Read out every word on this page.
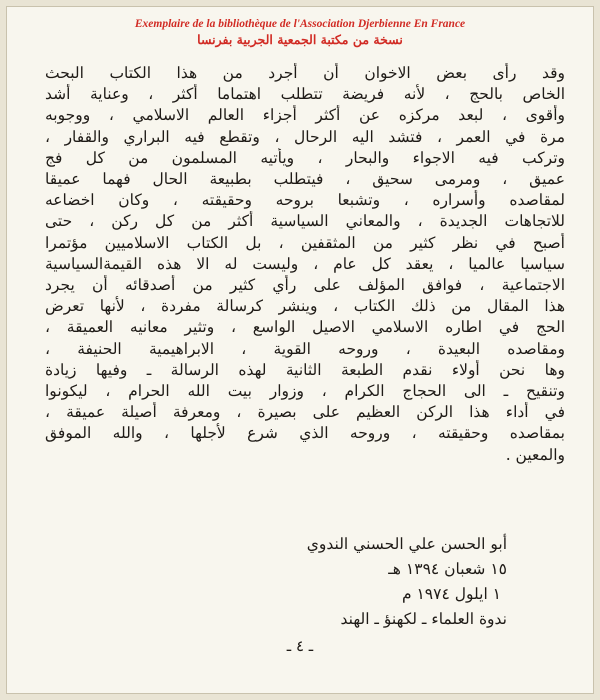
Exemplaire de la bibliothèque de l'Association Djerbienne En France
نسخة من مكتبة الجمعية الجربية بفرنسا
وقد رأى بعض الاخوان أن أجرد من هذا الكتاب البحث
الخاص بالحج ، لأنه فريضة تتطلب اهتماما أكثر ، وعناية أشد
وأقوى ، لبعد مركزه عن أكثر أجزاء العالم الاسلامي ، ووجوبه
مرة في العمر ، فتشد اليه الرحال ، وتقطع فيه البراري والقفار ،
وتركب فيه الاجواء والبحار ، ويأتيه المسلمون من كل فج
عميق ، ومرمى سحيق ، فيتطلب بطبيعة الحال فهما عميقا
لمقاصده وأسراره ، وتشبعا بروحه وحقيقته ، وكان اخضاعه
للاتجاهات الجديدة ، والمعاني السياسية أكثر من كل ركن ، حتى
أصبح في نظر كثير من المثقفين ، بل الكتاب الاسلاميين مؤتمرا
سياسيا عالميا ، يعقد كل عام ، وليست له الا هذه القيمةالسياسية
الاجتماعية ، فوافق المؤلف على رأي كثير من أصدقائه أن يجرد
هذا المقال من ذلك الكتاب ، وينشر كرسالة مفردة ، لأنها تعرض
الحج في اطاره الاسلامي الاصيل الواسع ، وتثير معانيه العميقة ،
ومقاصده البعيدة ، وروحه القوية ، الابراهيمية الحنيفة ،
وها نحن أولاء نقدم الطبعة الثانية لهذه الرسالة ـ وفيها زيادة
وتنقيح ـ الى الحجاج الكرام ، وزوار بيت الله الحرام ، ليكونوا
في أداء هذا الركن العظيم على بصيرة ، ومعرفة أصيلة عميقة ،
بمقاصده وحقيقته ، وروحه الذي شرع لأجلها ، والله الموفق
والمعين .
أبو الحسن علي الحسني الندوي
١٥ شعبان ١٣٩٤ هـ
١ ايلول ١٩٧٤ م
ندوة العلماء ـ لكهنؤ ـ الهند
ـ ٤ ـ
